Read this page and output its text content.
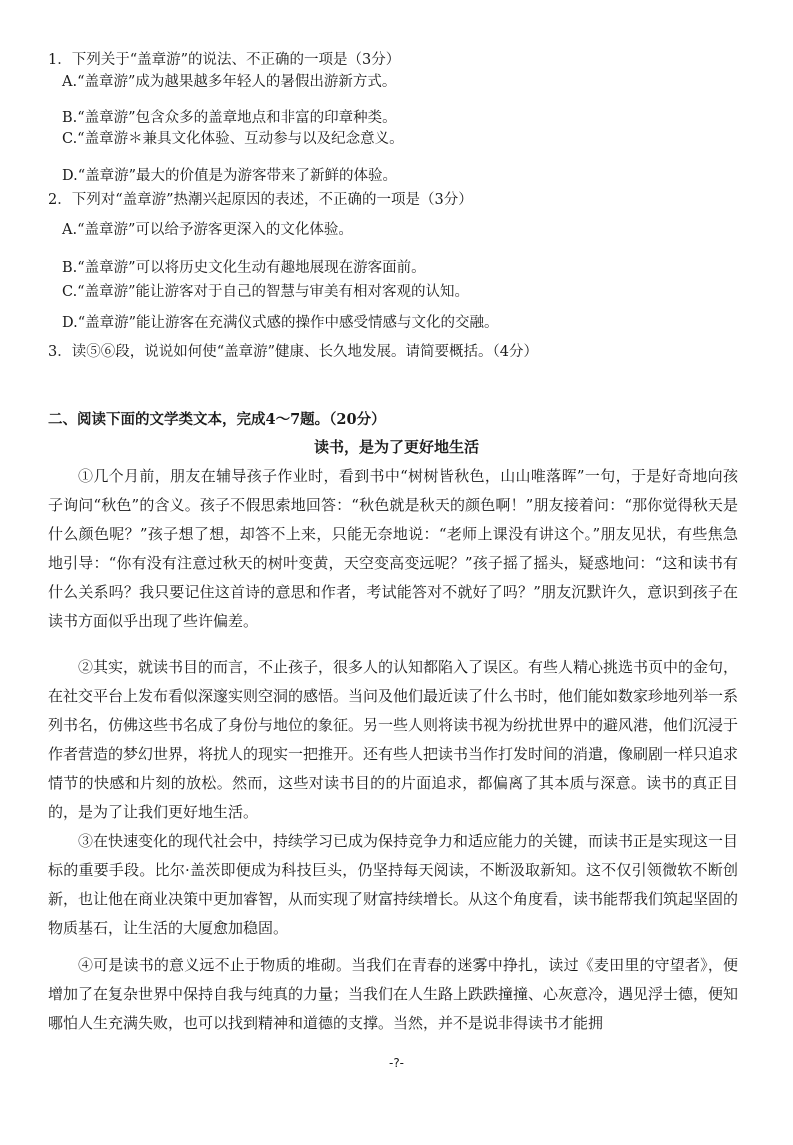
1．下列关于“盖章游”的说法、不正确的一项是（3分）
A.“盖章游”成为越果越多年轻人的暑假出游新方式。
B.“盖章游”包含众多的盖章地点和非富的印章种类。
C.“盖章游＊兼具文化体验、互动参与以及纪念意义。
D.“盖章游”最大的价值是为游客带来了新鲜的体验。
2．下列对“盖章游”热潮兴起原因的表述，不正确的一项是（3分）
A.“盖章游”可以给予游客更深入的文化体验。
B.“盖章游”可以将历史文化生动有趣地展现在游客面前。
C.“盖章游”能让游客对于自己的智慧与审美有相对客观的认知。
D.“盖章游”能让游客在充满仪式感的操作中感受情感与文化的交融。
3．读⑤⑥段，说说如何使“盖章游”健康、长久地发展。请简要概括。（4分）
二、阅读下面的文学类文本，完成4～7题。（20分）
读书，是为了更好地生活

①几个月前，朋友在辅导孩子作业时，看到书中“树树皆秋色，山山唯落晖”一句，于是好奇地向孩子询问“秋色”的含义。孩子不假思索地回答：“秋色就是秋天的颜色啊！”朋友接着问：“那你觉得秋天是什么颜色呢？”孩子想了想，却答不上来，只能无奈地说：“老师上课没有讲这个。”朋友见状，有些焦急地引导：“你有没有注意过秋天的树叶变黄，天空变高变远呢？”孩子摇了摇头，疑惑地问：“这和读书有什么关系吗？我只要记住这首诗的意思和作者，考试能答对不就好了吗？”朋友沉默许久，意识到孩子在读书方面似乎出现了些许偏差。

②其实，就读书目的而言，不止孩子，很多人的认知都陷入了误区。有些人精心挑选书页中的金句，在社交平台上发布看似深邃实则空洞的感悟。当问及他们最近读了什么书时，他们能如数家珍地列举一系列书名，仿佛这些书名成了身份与地位的象征。另一些人则将读书视为纷扰世界中的避风港，他们沉浸于作者营造的梦幻世界，将扰人的现实一把推开。还有些人把读书当作打发时间的消遣，像刷剧一样只追求情节的快感和片刻的放松。然而，这些对读书目的的片面追求，都偏离了其本质与深意。读书的真正目的，是为了让我们更好地生活。

③在快速变化的现代社会中，持续学习已成为保持竞争力和适应能力的关键，而读书正是实现这一目标的重要手段。比尔·盖茨即便成为科技巨头，仍坚持每天阅读，不断汲取新知。这不仅引领微软不断创新，也让他在商业决策中更加睿智，从而实现了财富持续增长。从这个角度看，读书能帮我们筑起坚固的物质基石，让生活的大厦愈加稳固。

④可是读书的意义远不止于物质的堆砌。当我们在青春的迷雾中挣扎，读过《麦田里的守望者》，便增加了在复杂世界中保持自我与纯真的力量；当我们在人生路上跌跌撞撞、心灰意冷，遇见浮士德，便知哪怕人生充满失败，也可以找到精神和道德的支撑。当然，并不是说非得读书才能拥

-?-
